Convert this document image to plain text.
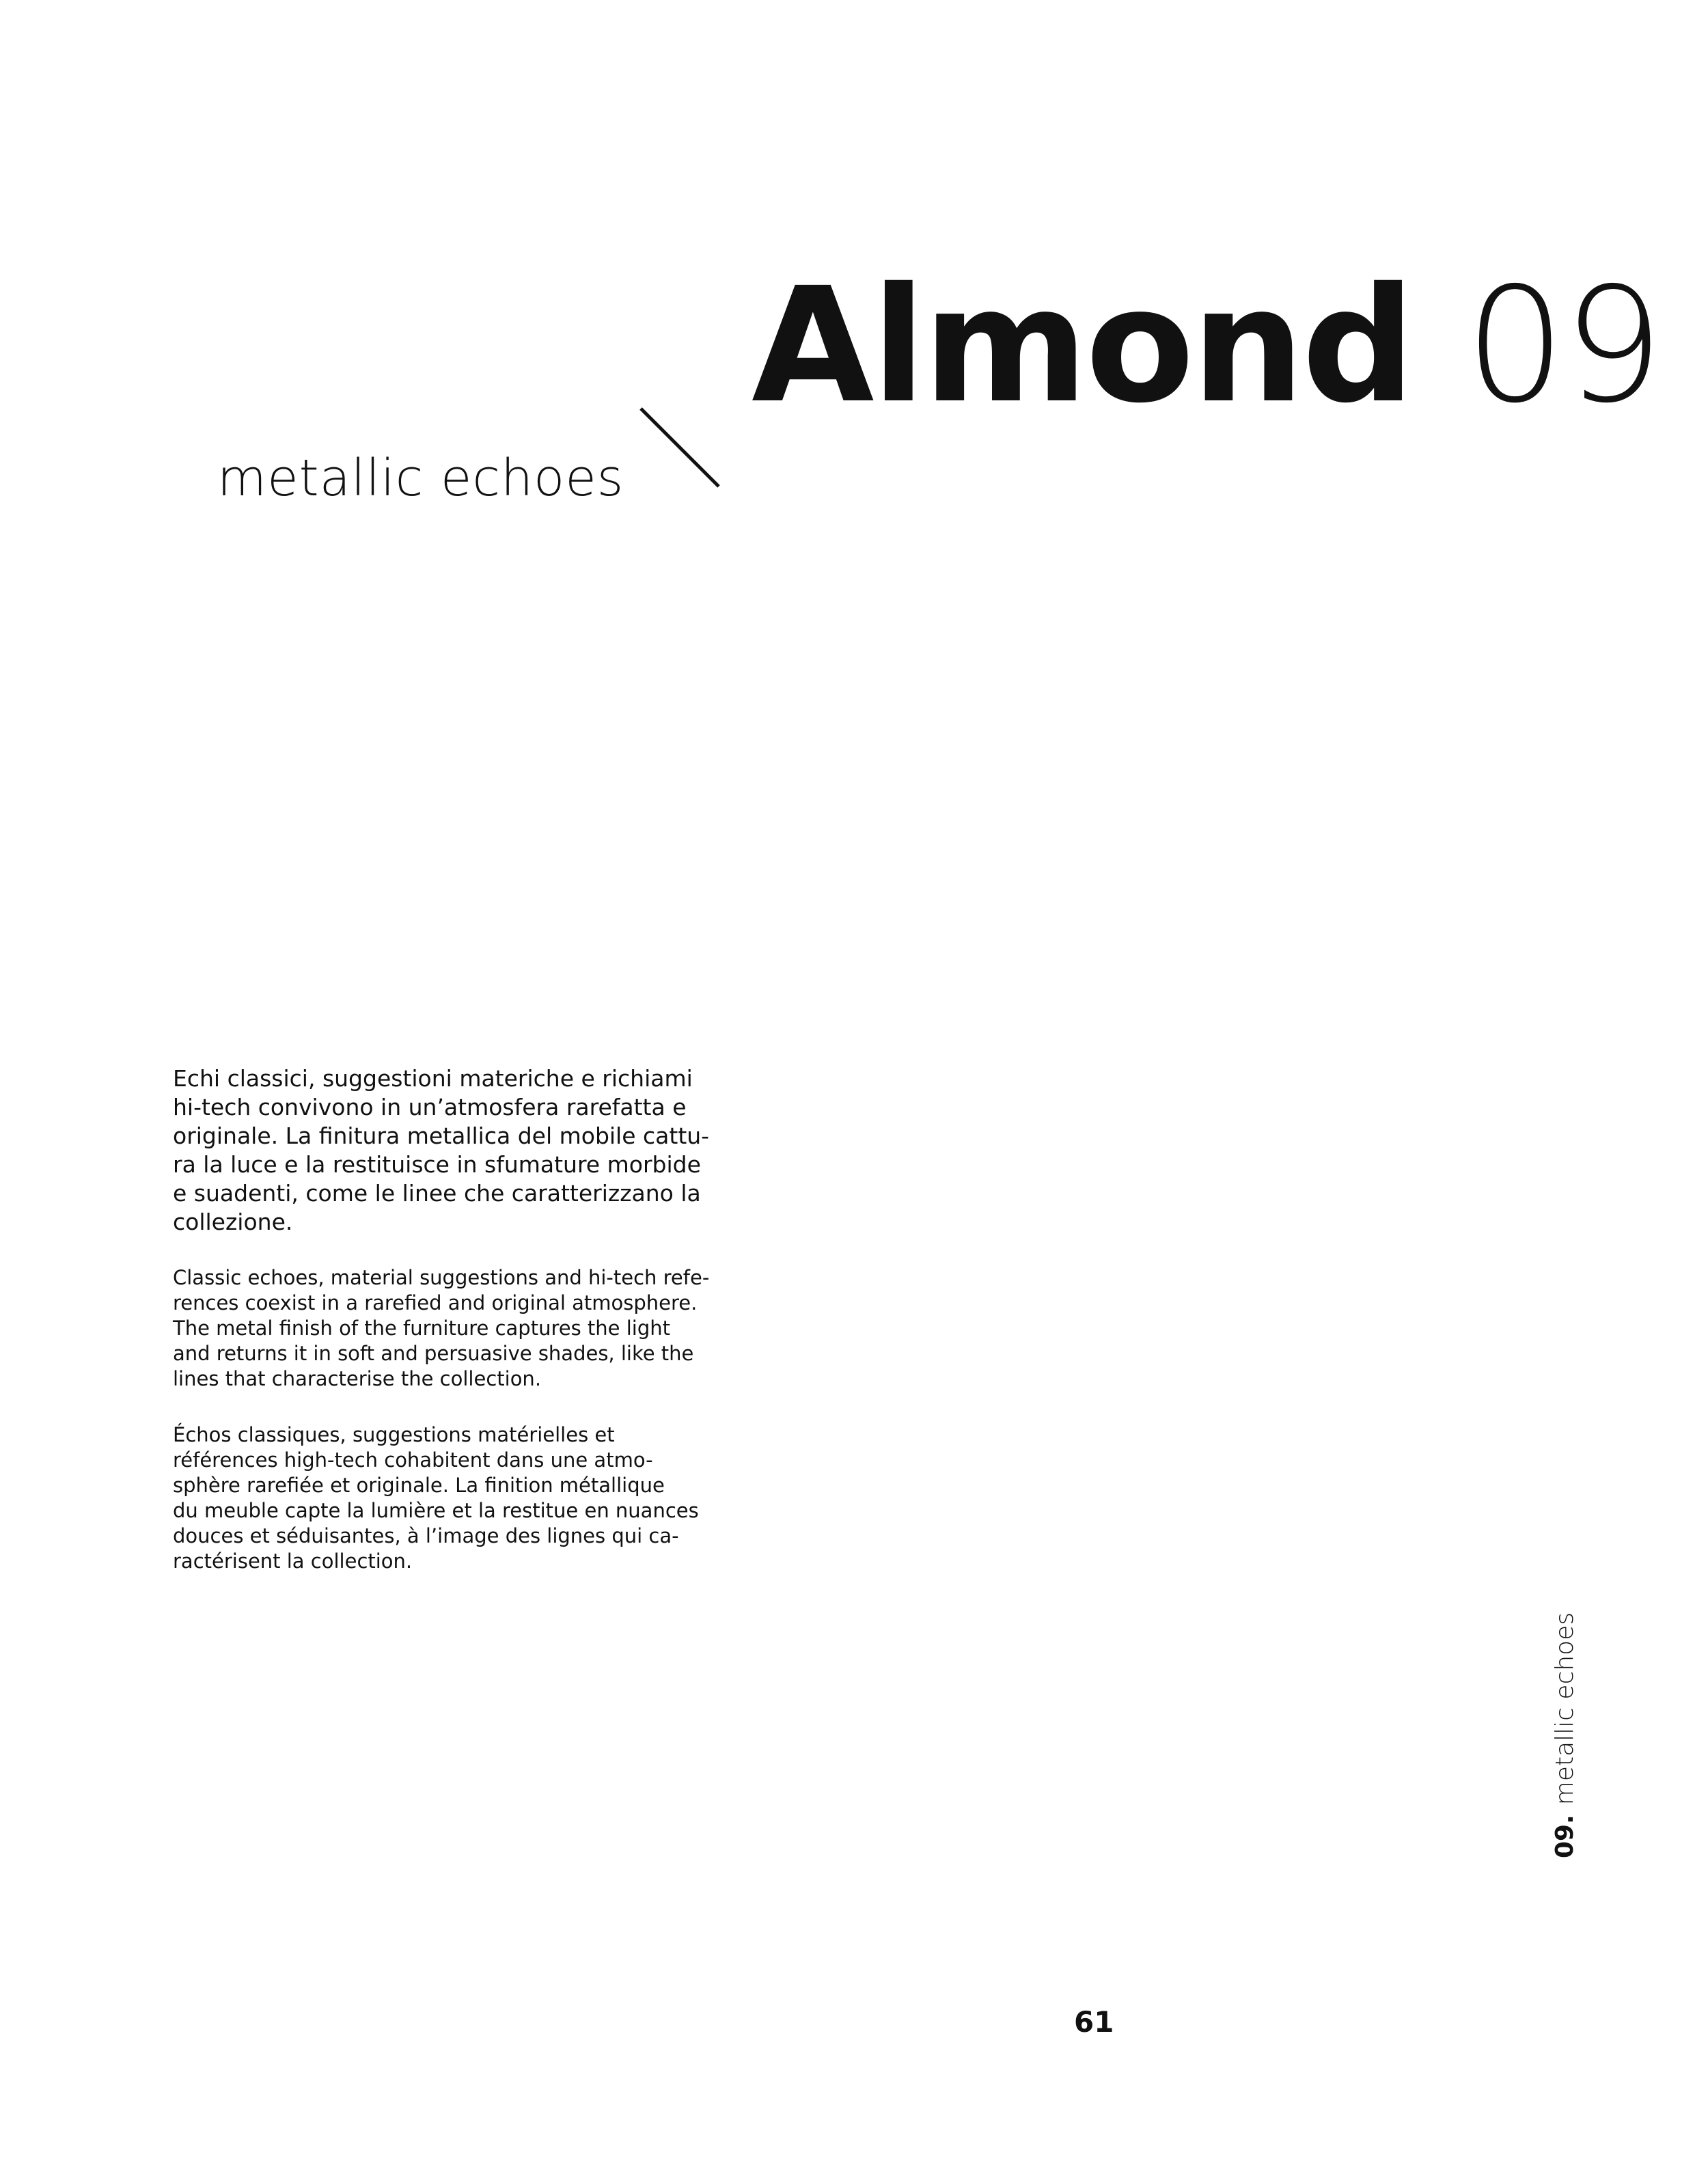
Almond 09

metallic echoes

Echi classici, suggestioni materiche e richiami
hi-tech convivono in un’atmosfera rarefatta e
originale. La finitura metallica del mobile cattu-
ra la luce e la restituisce in sfumature morbide
e suadenti, come le linee che caratterizzano la
collezione.

Classic echoes, material suggestions and hi-tech refe-
rences coexist in a rarefied and original atmosphere.
The metal finish of the furniture captures the light
and returns it in soft and persuasive shades, like the
lines that characterise the collection.

Échos classiques, suggestions matérielles et
références high-tech cohabitent dans une atmo-
sphère rarefiée et originale. La finition métallique
du meuble capte la lumière et la restitue en nuances
douces et séduisantes, à l’image des lignes qui ca-
ractérisent la collection.

09.metallic echoes

61
